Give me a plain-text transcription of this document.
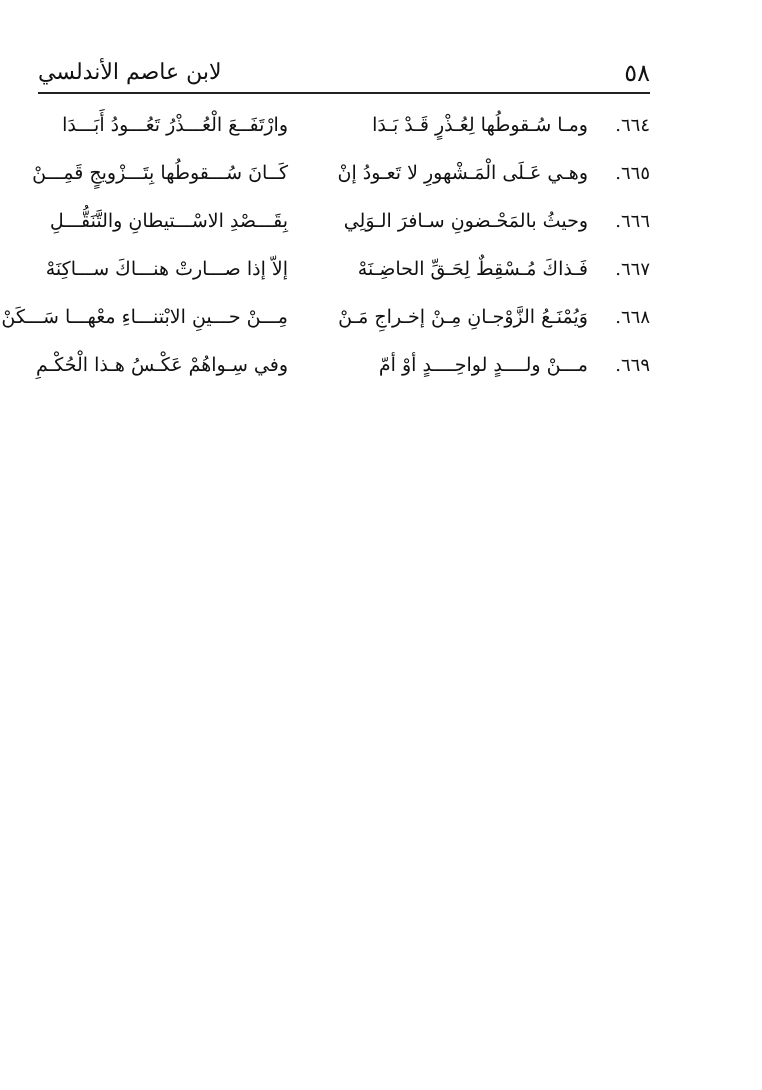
٥٨
لابن عاصم الأندلسي
٦٦٤.
ومـا سُـقوطُها لِعُـذْرٍ قَـدْ بَـدَا
وارْتَفَــعَ الْعُـــذْرُ تَعُـــودُ أَبَـــدَا
٦٦٥.
وهـي عَـلَى الْمَـشْهورِ لا تَعـودُ إنْ
كَــانَ سُـــقوطُها بِتَـــزْويجٍ قَمِـــنْ
٦٦٦.
وحيثُ بالمَحْـضونِ سـافرَ الـوَلِي
بِقَـــصْدِ الاسْـــتيطانِ والتَّنَقُّـــلِ
٦٦٧.
فَـذاكَ مُـسْقِطٌ لِحَـقِّ الحاضِـنَهْ
إلاّ إذا صـــارتْ هنـــاكَ ســـاكِنَهْ
٦٦٨.
وَيُمْنَـعُ الزَّوْجـانِ مِـنْ إخـراجِ مَـنْ
مِـــنْ حـــينِ الابْتنـــاءِ معْهـــا سَـــكَنْ
٦٦٩.
مـــنْ ولــــدٍ لواحِــــدٍ أوْ أمّ
وفي سِـواهُمْ عَكْـسُ هـذا الْحُكْـمِ
